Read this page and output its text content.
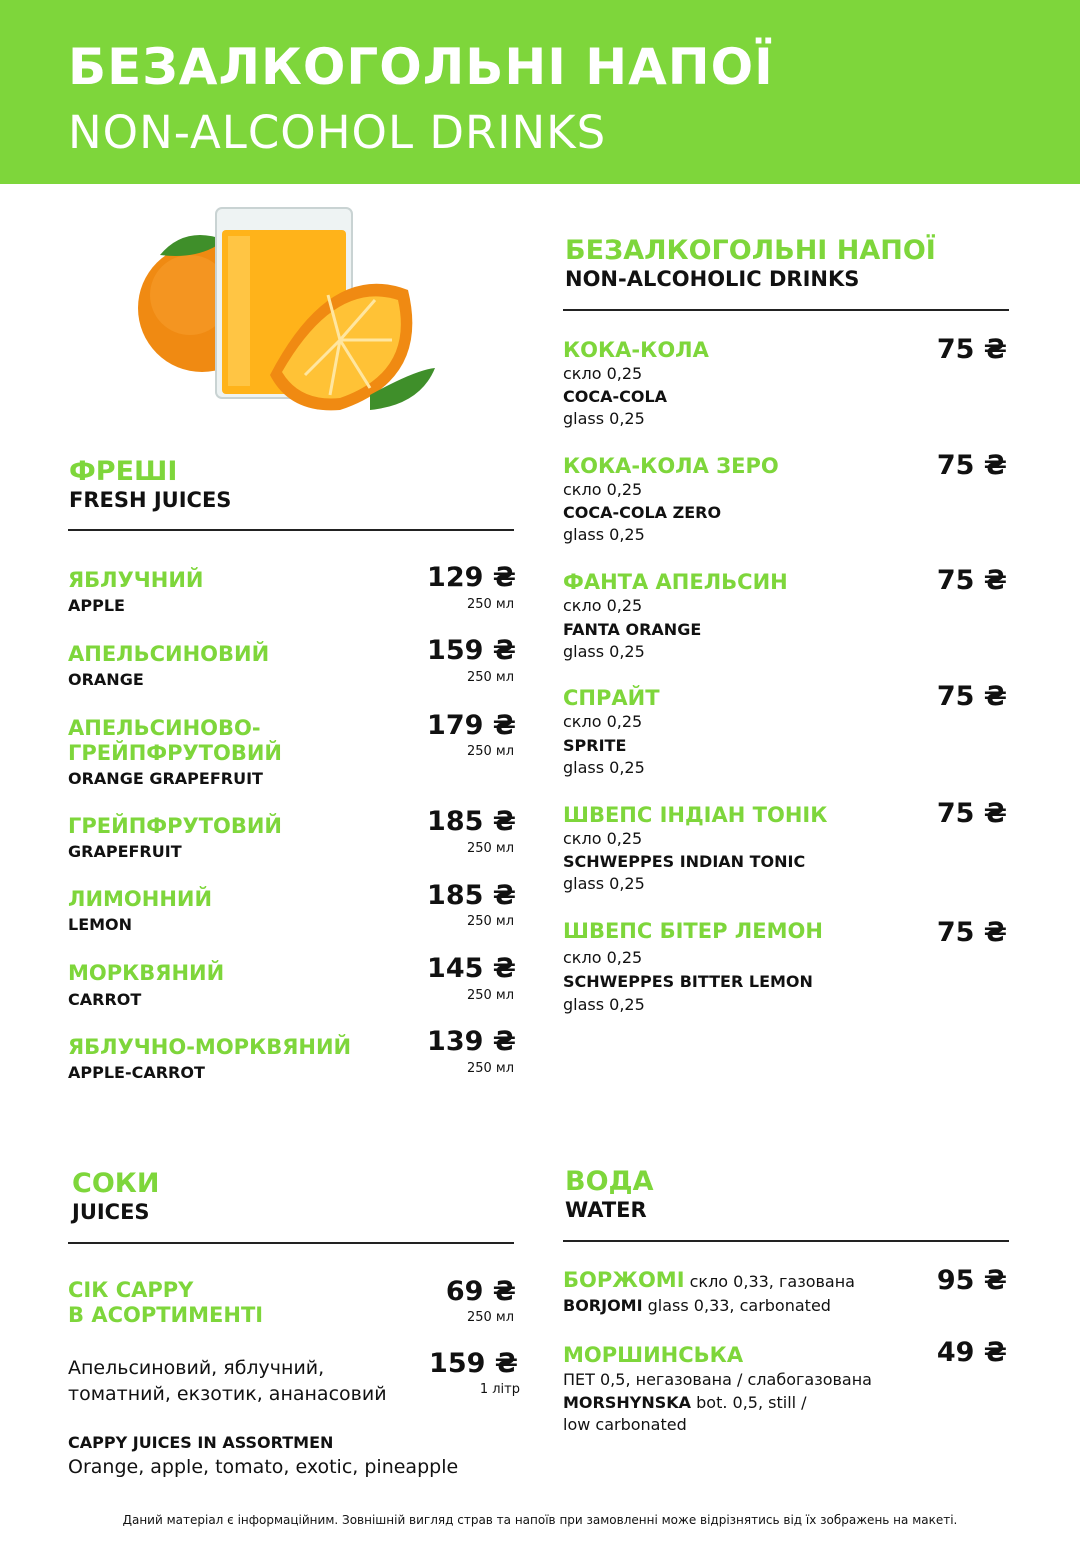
БЕЗАЛКОГОЛЬНІ НАПОЇ
NON-ALCOHOL DRINKS
ФРЕШІ
FRESH JUICES
ЯБЛУЧНИЙ
APPLE
129 ₴
250 мл
АПЕЛЬСИНОВИЙ
ORANGE
159 ₴
250 мл
АПЕЛЬСИНОВО-
ГРЕЙПФРУТОВИЙ
ORANGE GRAPEFRUIT
179 ₴
250 мл
ГРЕЙПФРУТОВИЙ
GRAPEFRUIT
185 ₴
250 мл
ЛИМОННИЙ
LEMON
185 ₴
250 мл
МОРКВЯНИЙ
CARROT
145 ₴
250 мл
ЯБЛУЧНО-МОРКВЯНИЙ
APPLE-CARROT
139 ₴
250 мл
БЕЗАЛКОГОЛЬНІ НАПОЇ
NON-ALCOHOLIC DRINKS
КОКА-КОЛА
скло 0,25
COCA-COLA
glass 0,25
75 ₴
КОКА-КОЛА ЗЕРО
скло 0,25
COCA-COLA ZERO
glass 0,25
75 ₴
ФАНТА АПЕЛЬСИН
скло 0,25
FANTA ORANGE
glass 0,25
75 ₴
СПРАЙТ
скло 0,25
SPRITE
glass 0,25
75 ₴
ШВЕПС ІНДІАН ТОНІК
скло 0,25
SCHWEPPES INDIAN TONIC
glass 0,25
75 ₴
ШВЕПС БІТЕР ЛЕМОН
скло 0,25
SCHWEPPES BITTER LEMON
glass 0,25
75 ₴
СОКИ
JUICES
СІК CAPPY
В АСОРТИМЕНТІ
69 ₴
250 мл
Апельсиновий, яблучний,
томатний, екзотик, ананасовий
159 ₴
1 літр
CAPPY JUICES IN ASSORTMEN
Orange, apple, tomato, exotic, pineapple
ВОДА
WATER
БОРЖОМІ скло 0,33, газована
BORJOMI glass 0,33, carbonated
95 ₴
МОРШИНСЬКА
ПЕТ 0,5, негазована / слабогазована
MORSHYNSKA bot. 0,5, still /
low carbonated
49 ₴
Даний матеріал є інформаційним. Зовнішній вигляд страв та напоїв при замовленні може відрізнятись від їх зображень на макеті.
